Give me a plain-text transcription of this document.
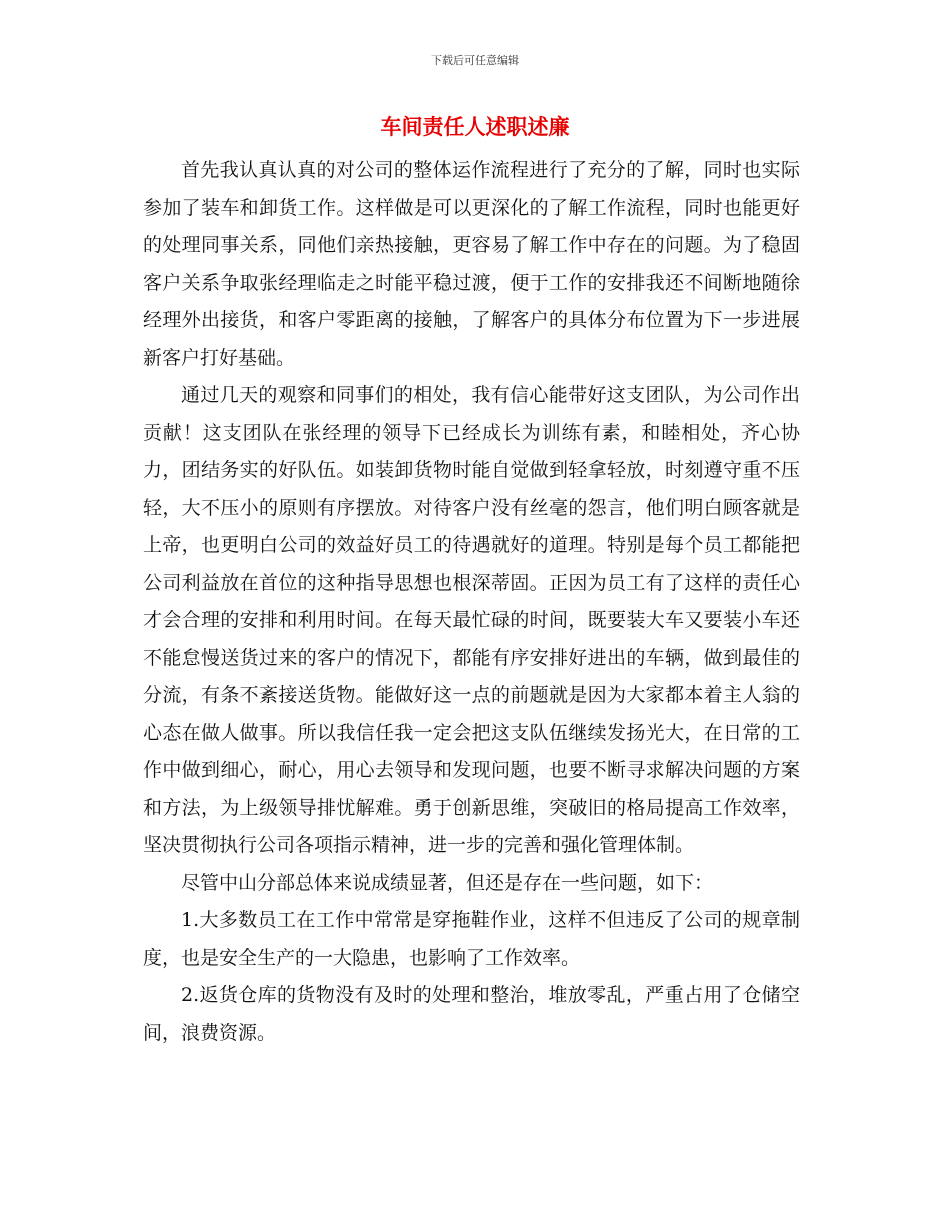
下载后可任意编辑
车间责任人述职述廉

首先我认真认真的对公司的整体运作流程进行了充分的了解，同时也实际参加了装车和卸货工作。这样做是可以更深化的了解工作流程，同时也能更好的处理同事关系，同他们亲热接触，更容易了解工作中存在的问题。为了稳固客户关系争取张经理临走之时能平稳过渡，便于工作的安排我还不间断地随徐经理外出接货，和客户零距离的接触，了解客户的具体分布位置为下一步进展新客户打好基础。

通过几天的观察和同事们的相处，我有信心能带好这支团队，为公司作出贡献！这支团队在张经理的领导下已经成长为训练有素，和睦相处，齐心协力，团结务实的好队伍。如装卸货物时能自觉做到轻拿轻放，时刻遵守重不压轻，大不压小的原则有序摆放。对待客户没有丝毫的怨言，他们明白顾客就是上帝，也更明白公司的效益好员工的待遇就好的道理。特别是每个员工都能把公司利益放在首位的这种指导思想也根深蒂固。正因为员工有了这样的责任心才会合理的安排和利用时间。在每天最忙碌的时间，既要装大车又要装小车还不能怠慢送货过来的客户的情况下，都能有序安排好进出的车辆，做到最佳的分流，有条不紊接送货物。能做好这一点的前题就是因为大家都本着主人翁的心态在做人做事。所以我信任我一定会把这支队伍继续发扬光大，在日常的工作中做到细心，耐心，用心去领导和发现问题，也要不断寻求解决问题的方案和方法，为上级领导排忧解难。勇于创新思维，突破旧的格局提高工作效率，坚决贯彻执行公司各项指示精神，进一步的完善和强化管理体制。

尽管中山分部总体来说成绩显著，但还是存在一些问题，如下：

1.大多数员工在工作中常常是穿拖鞋作业，这样不但违反了公司的规章制度，也是安全生产的一大隐患，也影响了工作效率。

2.返货仓库的货物没有及时的处理和整治，堆放零乱，严重占用了仓储空间，浪费资源。
